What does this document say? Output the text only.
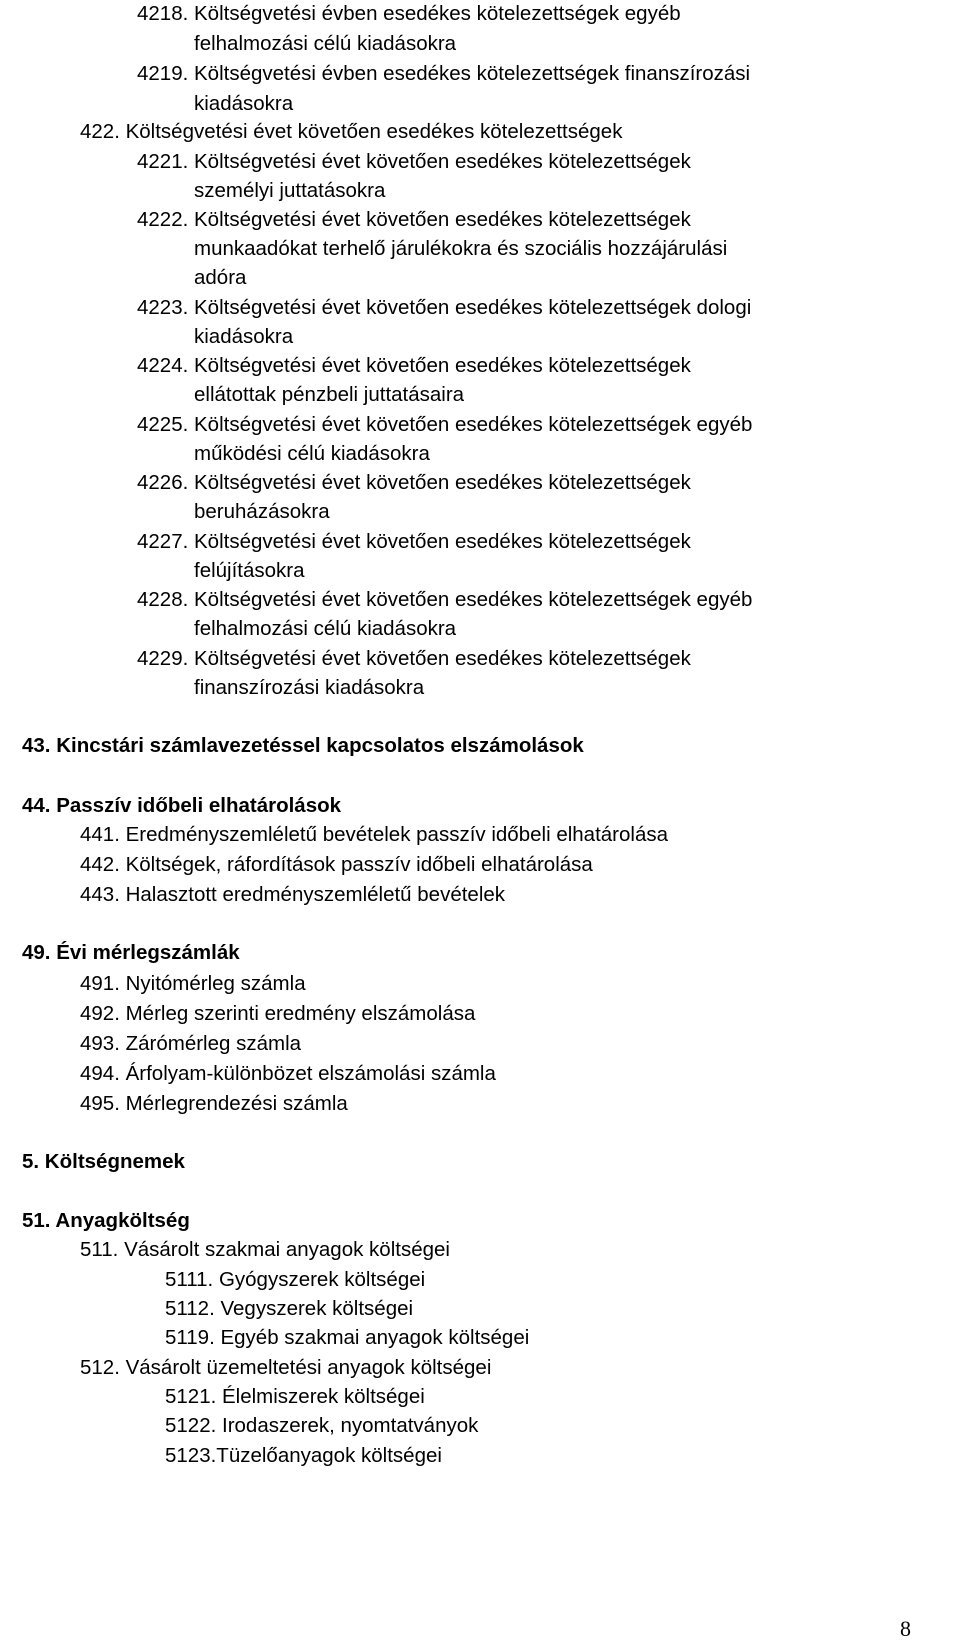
4218. Költségvetési évben esedékes kötelezettségek egyéb
felhalmozási célú kiadásokra
4219. Költségvetési évben esedékes kötelezettségek finanszírozási
kiadásokra
422. Költségvetési évet követően esedékes kötelezettségek
4221. Költségvetési évet követően esedékes kötelezettségek
személyi juttatásokra
4222. Költségvetési évet követően esedékes kötelezettségek
munkaadókat terhelő járulékokra és szociális hozzájárulási
adóra
4223. Költségvetési évet követően esedékes kötelezettségek dologi
kiadásokra
4224. Költségvetési évet követően esedékes kötelezettségek
ellátottak pénzbeli juttatásaira
4225. Költségvetési évet követően esedékes kötelezettségek egyéb
működési célú kiadásokra
4226. Költségvetési évet követően esedékes kötelezettségek
beruházásokra
4227. Költségvetési évet követően esedékes kötelezettségek
felújításokra
4228. Költségvetési évet követően esedékes kötelezettségek egyéb
felhalmozási célú kiadásokra
4229. Költségvetési évet követően esedékes kötelezettségek
finanszírozási kiadásokra
43. Kincstári számlavezetéssel kapcsolatos elszámolások
44. Passzív időbeli elhatárolások
441. Eredményszemléletű bevételek passzív időbeli elhatárolása
442. Költségek, ráfordítások passzív időbeli elhatárolása
443. Halasztott eredményszemléletű bevételek
49. Évi mérlegszámlák
491. Nyitómérleg számla
492. Mérleg szerinti eredmény elszámolása
493. Zárómérleg számla
494. Árfolyam-különbözet elszámolási számla
495. Mérlegrendezési számla
5. Költségnemek
51. Anyagköltség
511. Vásárolt szakmai anyagok költségei
5111. Gyógyszerek költségei
5112. Vegyszerek költségei
5119. Egyéb szakmai anyagok költségei
512. Vásárolt üzemeltetési anyagok költségei
5121. Élelmiszerek költségei
5122. Irodaszerek, nyomtatványok
5123.Tüzelőanyagok költségei
8
